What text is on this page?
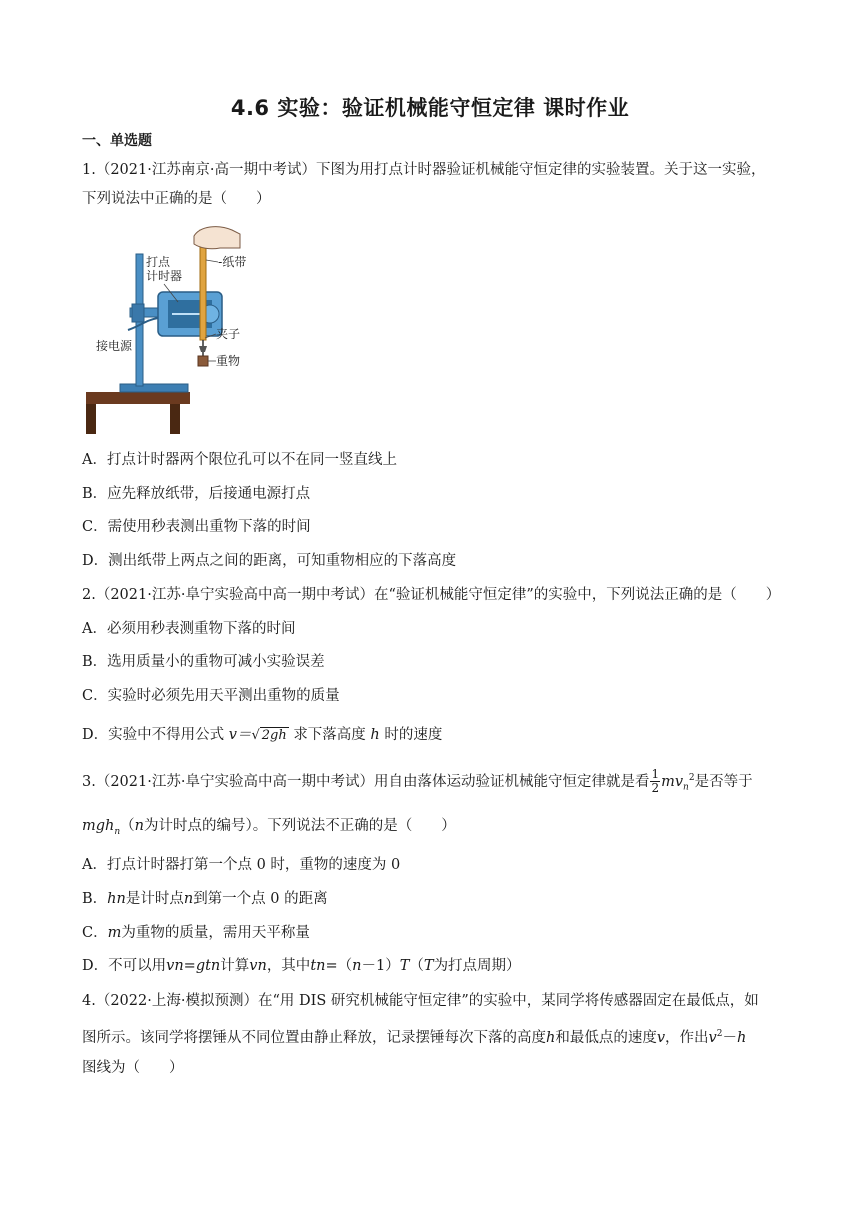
4.6 实验：验证机械能守恒定律 课时作业
一、单选题
1.（2021·江苏南京·高一期中考试）下图为用打点计时器验证机械能守恒定律的实验装置。关于这一实验，
下列说法中正确的是（　　）
打点
计时器
-纸带
夹子
重物
接电源
A．打点计时器两个限位孔可以不在同一竖直线上
B．应先释放纸带，后接通电源打点
C．需使用秒表测出重物下落的时间
D．测出纸带上两点之间的距离，可知重物相应的下落高度
2.（2021·江苏·阜宁实验高中高一期中考试）在“验证机械能守恒定律”的实验中，下列说法正确的是（　　）
A．必须用秒表测重物下落的时间
B．选用质量小的重物可减小实验误差
C．实验时必须先用天平测出重物的质量
D．实验中不得用公式 v＝√ 2gh 求下落高度 h 时的速度
3.（2021·江苏·阜宁实验高中高一期中考试）用自由落体运动验证机械能守恒定律就是看 $\frac{1}{2} mv_n^2$是否等于
mgh$_n$（n为计时点的编号）。下列说法不正确的是（　　）
A．打点计时器打第一个点 0 时，重物的速度为 0
B．hn是计时点n到第一个点 0 的距离
C．m为重物的质量，需用天平称量
D．不可以用vn=gtn计算vn，其中tn=（n－1）T（T为打点周期）
4.（2022·上海·模拟预测）在“用 DIS 研究机械能守恒定律”的实验中，某同学将传感器固定在最低点，如
图所示。该同学将摆锤从不同位置由静止释放，记录摆锤每次下落的高度h和最低点的速度v，作出$v^2-h$
图线为（　　）
